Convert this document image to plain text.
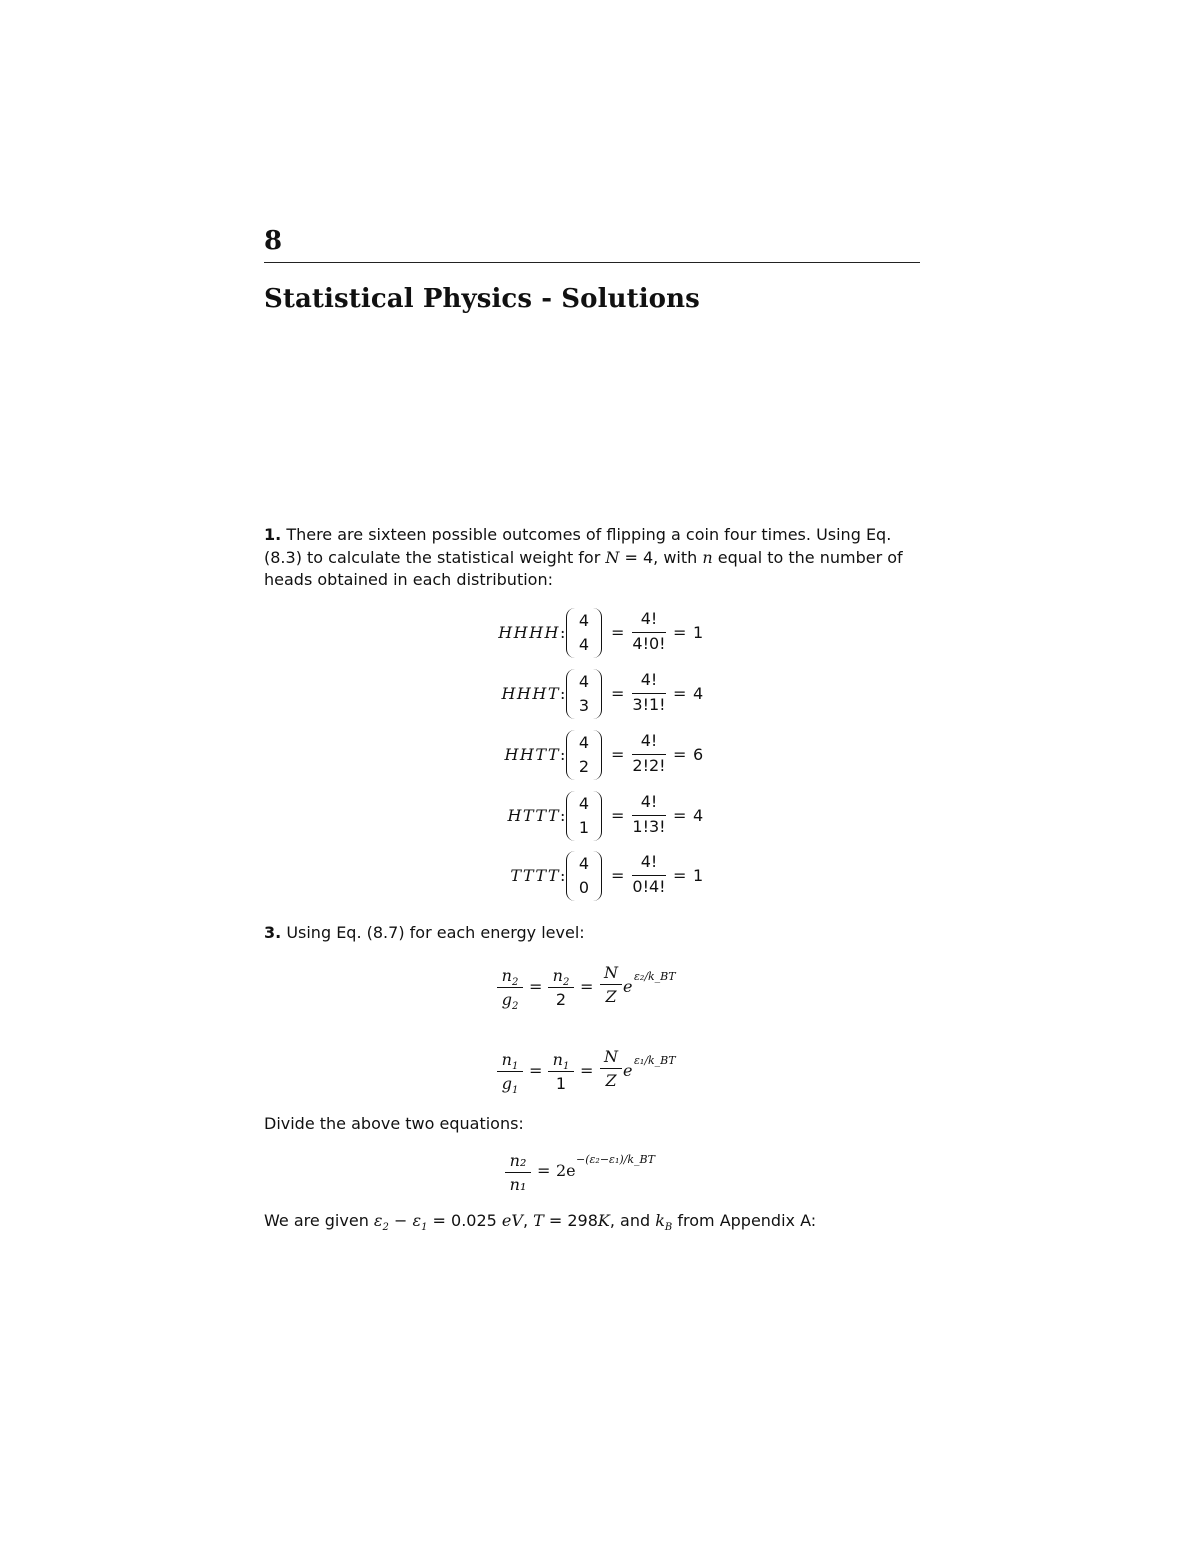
8
Statistical Physics - Solutions
1. There are sixteen possible outcomes of flipping a coin four times. Using Eq. (8.3) to calculate the statistical weight for N = 4, with n equal to the number of heads obtained in each distribution:
HHHH :
4
4
=
4!
4!0!
= 1
HHHT :
4
3
=
4!
3!1!
= 4
HHTT :
4
2
=
4!
2!2!
= 6
HTTT :
4
1
=
4!
1!3!
= 4
TTTT :
4
0
=
4!
0!4!
= 1
3. Using Eq. (8.7) for each energy level:
$n_2$
$g_2$
=
$n_2$
2
=
N
Z
e
ε₂/k_BT
$n_1$
$g_1$
=
$n_1$
1
=
N
Z
e
ε₁/k_BT
Divide the above two equations:
n₂
n₁
= 2e
−(ε₂−ε₁)/k_BT
We are given $\varepsilon_2 - \varepsilon_1 = 0.025$ eV, T = 298K, and $k_B$ from Appendix A:
